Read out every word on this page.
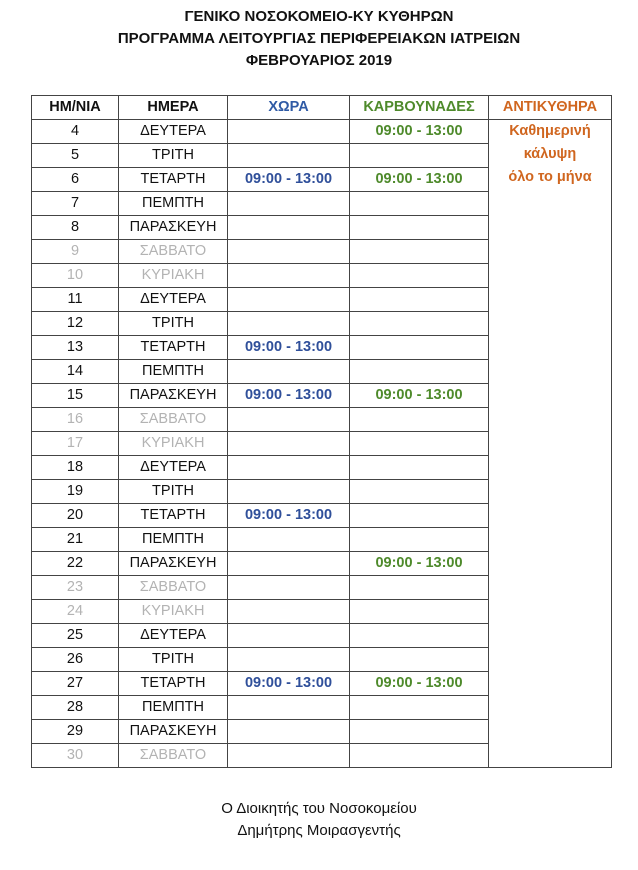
ΓΕΝΙΚΟ ΝΟΣΟΚΟΜΕΙΟ-ΚΥ ΚΥΘΗΡΩΝ
ΠΡΟΓΡΑΜΜΑ ΛΕΙΤΟΥΡΓΙΑΣ ΠΕΡΙΦΕΡΕΙΑΚΩΝ ΙΑΤΡΕΙΩΝ
ΦΕΒΡΟΥΑΡΙΟΣ 2019
ΗΜ/ΝΙΑ	ΗΜΕΡΑ	ΧΩΡΑ	ΚΑΡΒΟΥΝΑΔΕΣ	ΑΝΤΙΚΥΘΗΡΑ
4	ΔΕΥΤΕΡΑ		09:00 - 13:00	Καθημερινή
κάλυψη
όλο το μήνα

5	ΤΡΙΤΗ			
6	ΤΕΤΑΡΤΗ	09:00 - 13:00	09:00 - 13:00	
7	ΠΕΜΠΤΗ			
8	ΠΑΡΑΣΚΕΥΗ			
9	ΣΑΒΒΑΤΟ			
10	ΚΥΡΙΑΚΗ			
11	ΔΕΥΤΕΡΑ			
12	ΤΡΙΤΗ			
13	ΤΕΤΑΡΤΗ	09:00 - 13:00		
14	ΠΕΜΠΤΗ			
15	ΠΑΡΑΣΚΕΥΗ	09:00 - 13:00	09:00 - 13:00	
16	ΣΑΒΒΑΤΟ			
17	ΚΥΡΙΑΚΗ			
18	ΔΕΥΤΕΡΑ			
19	ΤΡΙΤΗ			
20	ΤΕΤΑΡΤΗ	09:00 - 13:00		
21	ΠΕΜΠΤΗ			
22	ΠΑΡΑΣΚΕΥΗ		09:00 - 13:00	
23	ΣΑΒΒΑΤΟ			
24	ΚΥΡΙΑΚΗ			
25	ΔΕΥΤΕΡΑ			
26	ΤΡΙΤΗ			
27	ΤΕΤΑΡΤΗ	09:00 - 13:00	09:00 - 13:00	
28	ΠΕΜΠΤΗ			
29	ΠΑΡΑΣΚΕΥΗ			
30	ΣΑΒΒΑΤΟ			
Ο Διοικητής του Νοσοκομείου
Δημήτρης Μοιρασγεντής
